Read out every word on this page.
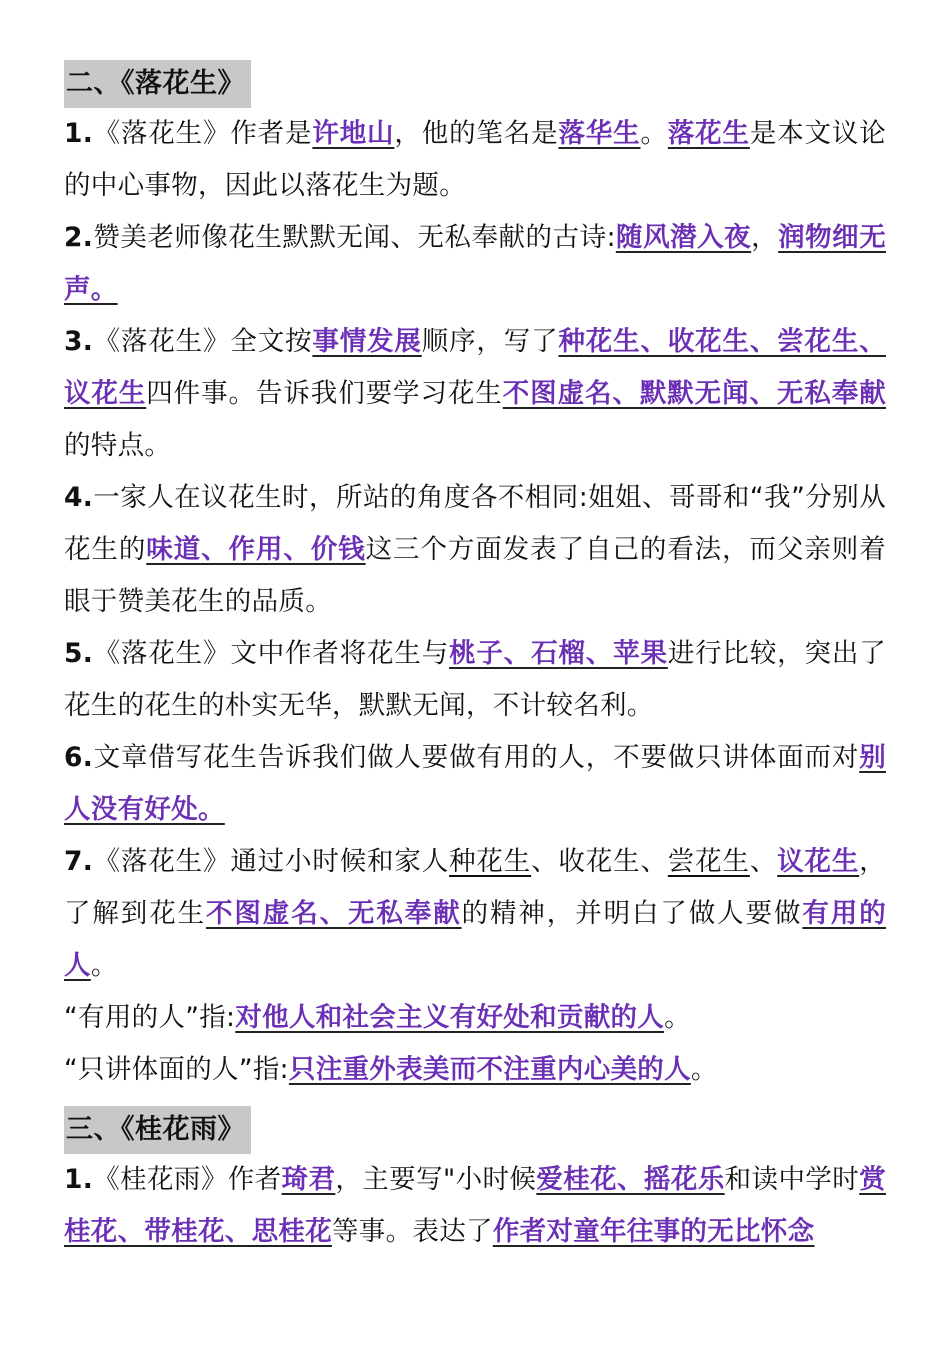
二、《落花生》

1.《落花生》作者是许地山，他的笔名是落华生。落花生是本文议论的中心事物，因此以落花生为题。

2.赞美老师像花生默默无闻、无私奉献的古诗:随风潜入夜，润物细无声。

3.《落花生》全文按事情发展顺序，写了种花生、收花生、尝花生、议花生四件事。告诉我们要学习花生不图虚名、默默无闻、无私奉献的特点。

4.一家人在议花生时，所站的角度各不相同:姐姐、哥哥和“我”分别从花生的味道、作用、价钱这三个方面发表了自己的看法，而父亲则着眼于赞美花生的品质。

5.《落花生》文中作者将花生与桃子、石榴、苹果进行比较，突出了花生的花生的朴实无华，默默无闻，不计较名利。

6.文章借写花生告诉我们做人要做有用的人，不要做只讲体面而对别人没有好处。

7.《落花生》通过小时候和家人种花生、收花生、尝花生、议花生，了解到花生不图虚名、无私奉献的精神，并明白了做人要做有用的人。

“有用的人”指:对他人和社会主义有好处和贡献的人。

“只讲体面的人”指:只注重外表美而不注重内心美的人。

三、《桂花雨》

1.《桂花雨》作者琦君，主要写"小时候爱桂花、摇花乐和读中学时赏桂花、带桂花、思桂花等事。表达了作者对童年往事的无比怀念
